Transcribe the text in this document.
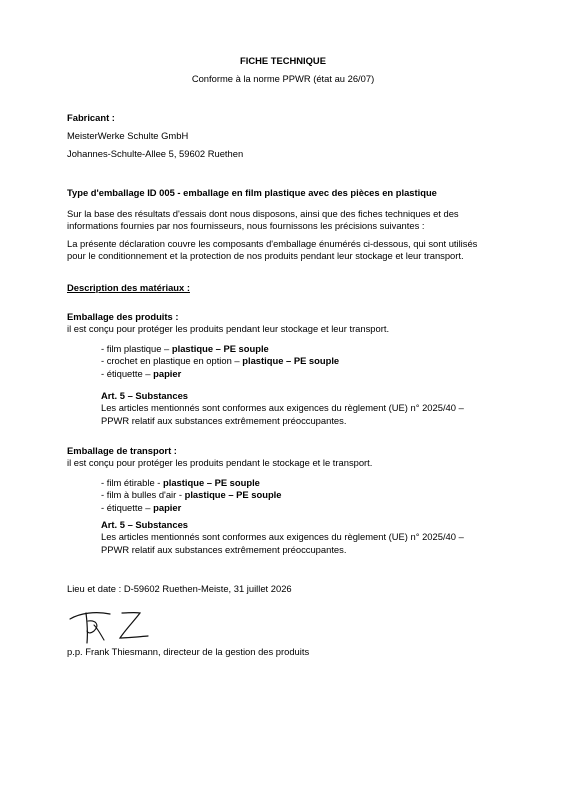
FICHE TECHNIQUE

Conforme à la norme PPWR (état au 26/07)

Fabricant :

MeisterWerke Schulte GmbH

Johannes-Schulte-Allee 5, 59602 Ruethen

Type d'emballage ID 005 - emballage en film plastique avec des pièces en plastique

Sur la base des résultats d'essais dont nous disposons, ainsi que des fiches techniques et des

informations fournies par nos fournisseurs, nous fournissons les précisions suivantes :

La présente déclaration couvre les composants d'emballage énumérés ci-dessous, qui sont utilisés

pour le conditionnement et la protection de nos produits pendant leur stockage et leur transport.

Description des matériaux :

Emballage des produits :

il est conçu pour protéger les produits pendant leur stockage et leur transport.

- film plastique – plastique – PE souple

- crochet en plastique en option – plastique – PE souple

- étiquette – papier

Art. 5 – Substances

Les articles mentionnés sont conformes aux exigences du règlement (UE) n° 2025/40 –

PPWR relatif aux substances extrêmement préoccupantes.

Emballage de transport :

il est conçu pour protéger les produits pendant le stockage et le transport.

- film étirable - plastique – PE souple

- film à bulles d'air - plastique – PE souple

- étiquette – papier

Art. 5 – Substances

Les articles mentionnés sont conformes aux exigences du règlement (UE) n° 2025/40 –

PPWR relatif aux substances extrêmement préoccupantes.

Lieu et date : D-59602 Ruethen-Meiste, 31 juillet 2026

p.p. Frank Thiesmann, directeur de la gestion des produits
